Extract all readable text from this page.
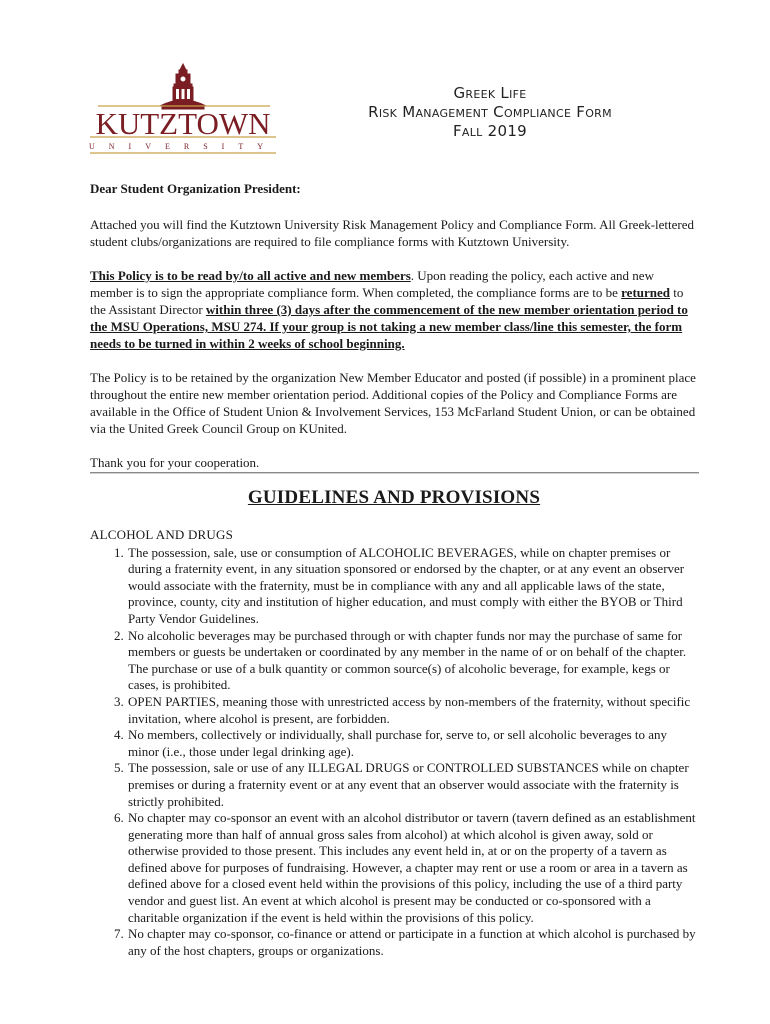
KUTZTOWN
UNIVERSITY
Greek Life
Risk Management Compliance Form
Fall 2019

Dear Student Organization President:

Attached you will find the Kutztown University Risk Management Policy and Compliance Form. All Greek-lettered student clubs/organizations are required to file compliance forms with Kutztown University.

This Policy is to be read by/to all active and new members. Upon reading the policy, each active and new member is to sign the appropriate compliance form. When completed, the compliance forms are to be returned to the Assistant Director within three (3) days after the commencement of the new member orientation period to the MSU Operations, MSU 274. If your group is not taking a new member class/line this semester, the form needs to be turned in within 2 weeks of school beginning.

The Policy is to be retained by the organization New Member Educator and posted (if possible) in a prominent place throughout the entire new member orientation period. Additional copies of the Policy and Compliance Forms are available in the Office of Student Union & Involvement Services, 153 McFarland Student Union, or can be obtained via the United Greek Council Group on KUnited.

Thank you for your cooperation.

GUIDELINES AND PROVISIONS
ALCOHOL AND DRUGS
1. The possession, sale, use or consumption of ALCOHOLIC BEVERAGES, while on chapter premises or during a fraternity event, in any situation sponsored or endorsed by the chapter, or at any event an observer would associate with the fraternity, must be in compliance with any and all applicable laws of the state, province, county, city and institution of higher education, and must comply with either the BYOB or Third Party Vendor Guidelines.
2. No alcoholic beverages may be purchased through or with chapter funds nor may the purchase of same for members or guests be undertaken or coordinated by any member in the name of or on behalf of the chapter. The purchase or use of a bulk quantity or common source(s) of alcoholic beverage, for example, kegs or cases, is prohibited.
3. OPEN PARTIES, meaning those with unrestricted access by non-members of the fraternity, without specific invitation, where alcohol is present, are forbidden.
4. No members, collectively or individually, shall purchase for, serve to, or sell alcoholic beverages to any minor (i.e., those under legal drinking age).
5. The possession, sale or use of any ILLEGAL DRUGS or CONTROLLED SUBSTANCES while on chapter premises or during a fraternity event or at any event that an observer would associate with the fraternity is strictly prohibited.
6. No chapter may co-sponsor an event with an alcohol distributor or tavern (tavern defined as an establishment generating more than half of annual gross sales from alcohol) at which alcohol is given away, sold or otherwise provided to those present. This includes any event held in, at or on the property of a tavern as defined above for purposes of fundraising. However, a chapter may rent or use a room or area in a tavern as defined above for a closed event held within the provisions of this policy, including the use of a third party vendor and guest list. An event at which alcohol is present may be conducted or co-sponsored with a charitable organization if the event is held within the provisions of this policy.
7. No chapter may co-sponsor, co-finance or attend or participate in a function at which alcohol is purchased by any of the host chapters, groups or organizations.
